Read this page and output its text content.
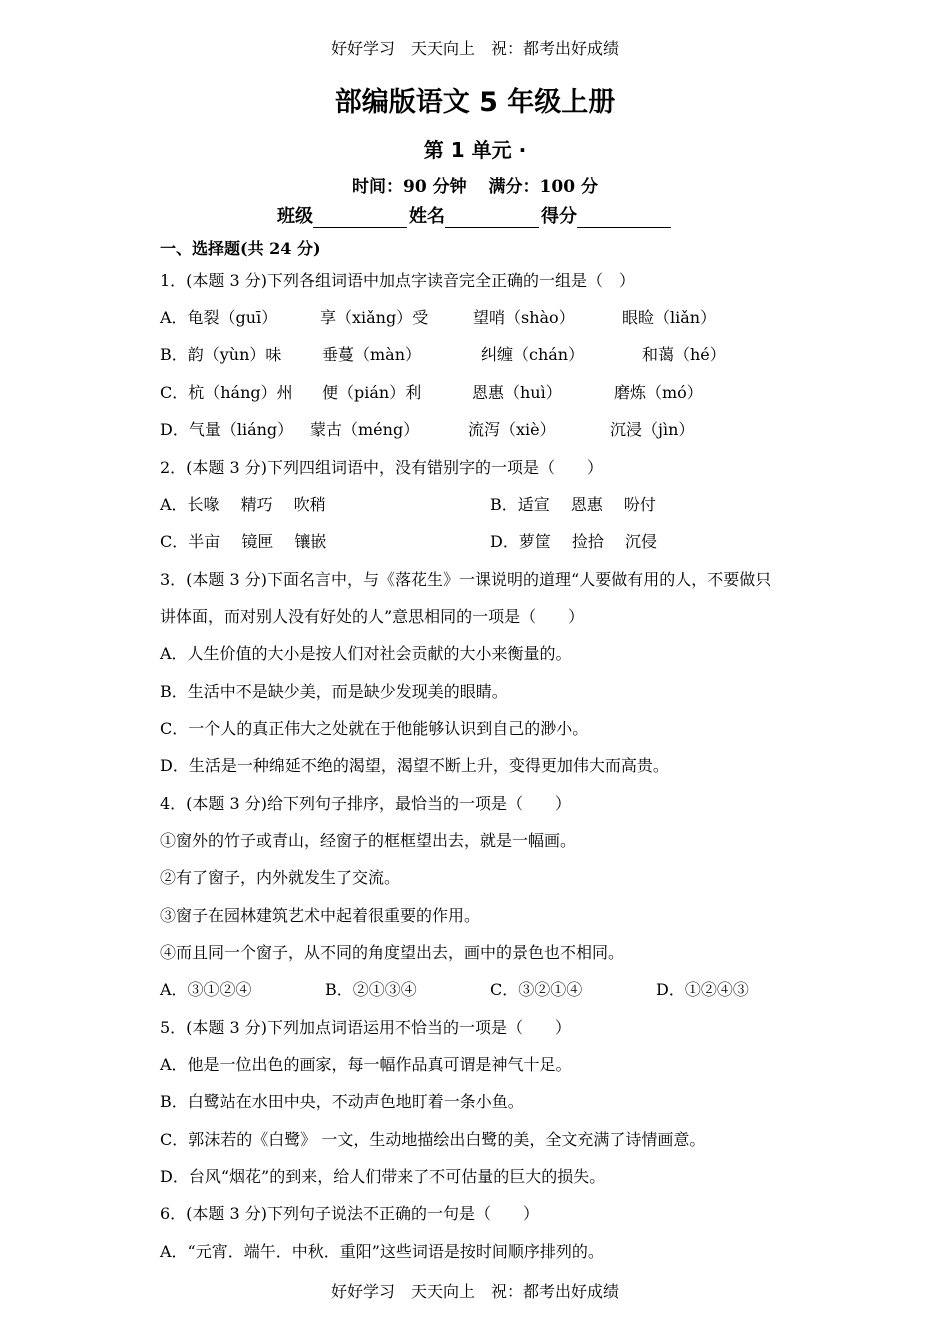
好好学习　天天向上　祝：都考出好成绩
部编版语文 5 年级上册
第 1 单元 ·
时间：90 分钟 满分：100 分
班级	姓名	得分
一、选择题(共 24 分)
1．(本题 3 分)下列各组词语中加点字读音完全正确的一组是（　）
A．龟裂（guī）	享（xiǎng）受	望哨（shào）	眼睑（liǎn）
B．韵（yùn）味	垂蔓（màn）	纠缠（chán）	和蔼（hé）
C．杭（háng）州 便（pián）利	恩惠（huì）	磨炼（mó）
D．气量（liáng） 蒙古（méng）	流泻（xiè）	沉浸（jìn）
2．(本题 3 分)下列四组词语中，没有错别字的一项是（　　）
A．长喙　 精巧　 吹稍	B．适宣　 恩惠　 吩付
C．半亩　 镜匣　 镶嵌	D．萝筐　 捡拾　 沉侵
3．(本题 3 分)下面名言中，与《落花生》一课说明的道理“人要做有用的人，不要做只
讲体面，而对别人没有好处的人”意思相同的一项是（　　）
A．人生价值的大小是按人们对社会贡献的大小来衡量的。
B．生活中不是缺少美，而是缺少发现美的眼睛。
C．一个人的真正伟大之处就在于他能够认识到自己的渺小。
D．生活是一种绵延不绝的渴望，渴望不断上升，变得更加伟大而高贵。
4．(本题 3 分)给下列句子排序，最恰当的一项是（　　）
①窗外的竹子或青山，经窗子的框框望出去，就是一幅画。
②有了窗子，内外就发生了交流。
③窗子在园林建筑艺术中起着很重要的作用。
④而且同一个窗子，从不同的角度望出去，画中的景色也不相同。
A．③①②④	B．②①③④	C．③②①④	D．①②④③
5．(本题 3 分)下列加点词语运用不恰当的一项是（　　）
A．他是一位出色的画家，每一幅作品真可谓是神气十足。
B．白鹭站在水田中央，不动声色地盯着一条小鱼。
C．郭沫若的《白鹭》 一文，生动地描绘出白鹭的美，全文充满了诗情画意。
D．台风“烟花”的到来，给人们带来了不可估量的巨大的损失。
6．(本题 3 分)下列句子说法不正确的一句是（　　）
A．“元宵．端午．中秋．重阳”这些词语是按时间顺序排列的。
好好学习　天天向上　祝：都考出好成绩
